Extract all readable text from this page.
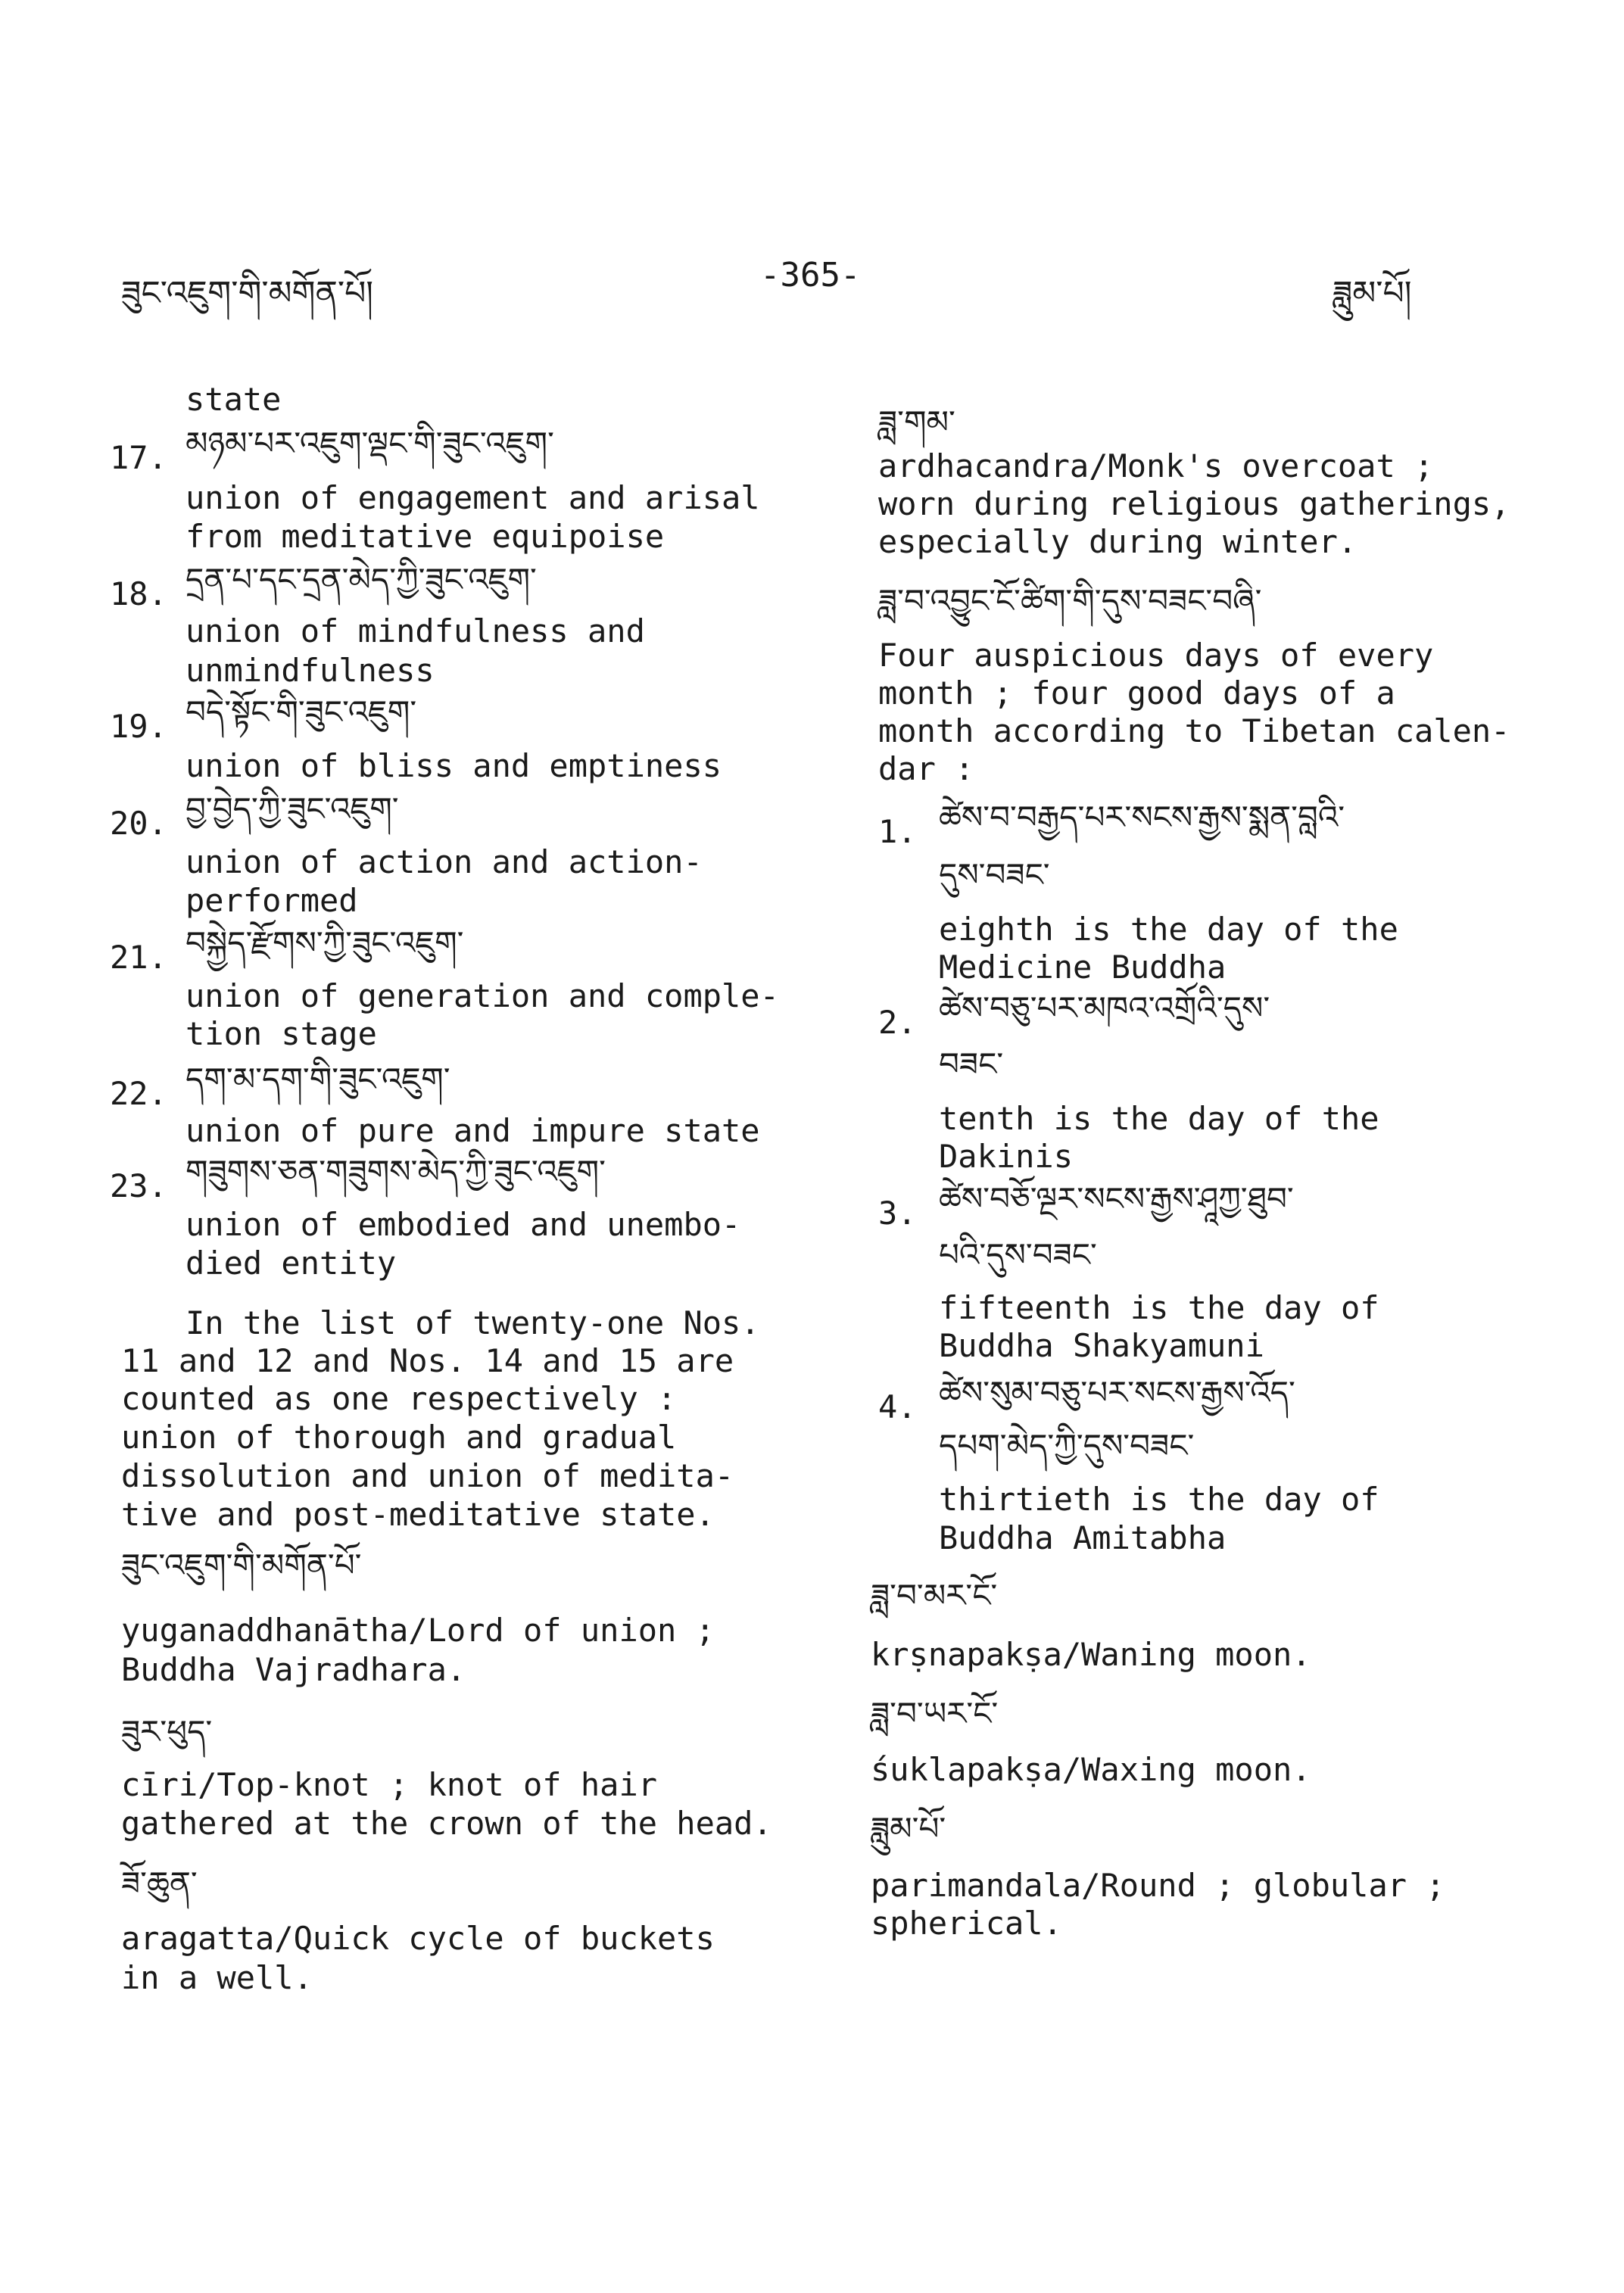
ཟུང་འཇུག་གི་མགོན་པོ།	-365-	ཟླུམ་པོ།
state
17. མཉམ་པར་འཇུག་ལྡང་གི་ཟུང་འཇུག་
union of engagement and arisal
from meditative equipoise
18. དྲན་པ་དང་དྲན་མེད་ཀྱི་ཟུང་འཇུག་
union of mindfulness and
unmindfulness
19. བདེ་སྟོང་གི་ཟུང་འཇུག་
union of bliss and emptiness
20. བྱ་བྱེད་ཀྱི་ཟུང་འཇུག་
union of action and action-
performed
21. བསྐྱེད་རྫོགས་ཀྱི་ཟུང་འཇུག་
union of generation and comple-
tion stage
22. དག་མ་དག་གི་ཟུང་འཇུག་
union of pure and impure state
23. གཟུགས་ཅན་གཟུགས་མེད་ཀྱི་ཟུང་འཇུག་
union of embodied and unembo-
died entity
In the list of twenty-one Nos.
11 and 12 and Nos. 14 and 15 are
counted as one respectively :
union of thorough and gradual
dissolution and union of medita-
tive and post-meditative state.
ཟུང་འཇུག་གི་མགོན་པོ་
yuganaddhanātha/Lord of union ;
Buddha Vajradhara.
ཟུར་ཕུད་
cīri/Top-knot ; knot of hair
gathered at the crown of the head.
ཟོ་ཆུན་
aragatta/Quick cycle of buckets
in a well.
ཟླ་གམ་
ardhacandra/Monk's overcoat ;
worn during religious gatherings,
especially during winter.
ཟླ་བ་འབྱུང་ངོ་ཚིག་གི་དུས་བཟང་བཞི་
Four auspicious days of every
month ; four good days of a
month according to Tibetan calen-
dar :
1. ཚེས་བ་བརྒྱད་པར་སངས་རྒྱས་སྨན་བླའི་
དུས་བཟང་
eighth is the day of the
Medicine Buddha
2. ཚེས་བཅུ་པར་མཁའ་འགྲོའི་དུས་
བཟང་
tenth is the day of the
Dakinis
3. ཚེས་བཅོ་ལྔར་སངས་རྒྱས་ཤཱཀྱ་ཐུབ་
པའི་དུས་བཟང་
fifteenth is the day of
Buddha Shakyamuni
4. ཚེས་སུམ་བཅུ་པར་སངས་རྒྱས་འོད་
དཔག་མེད་ཀྱི་དུས་བཟང་
thirtieth is the day of
Buddha Amitabha
ཟླ་བ་མར་ངོ་
krṣnapakṣa/Waning moon.
ཟླ་བ་ཡར་ངོ་
śuklapakṣa/Waxing moon.
ཟླུམ་པོ་
parimandala/Round ; globular ;
spherical.
